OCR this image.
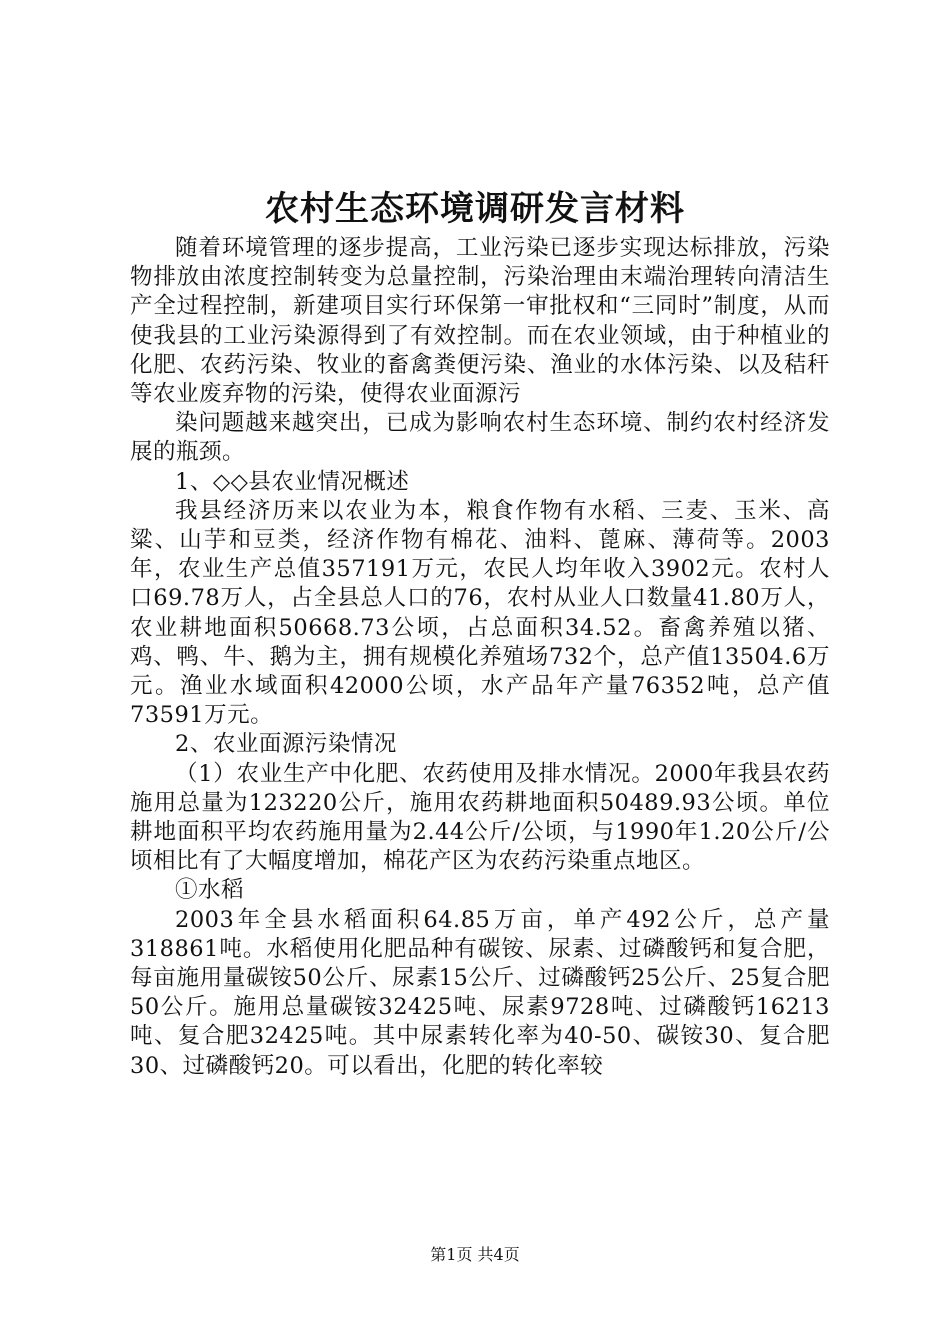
农村生态环境调研发言材料

随着环境管理的逐步提高，工业污染已逐步实现达标排放，污染物排放由浓度控制转变为总量控制，污染治理由末端治理转向清洁生产全过程控制，新建项目实行环保第一审批权和“三同时”制度，从而使我县的工业污染源得到了有效控制。而在农业领域，由于种植业的化肥、农药污染、牧业的畜禽粪便污染、渔业的水体污染、以及秸秆等农业废弃物的污染，使得农业面源污

染问题越来越突出，已成为影响农村生态环境、制约农村经济发展的瓶颈。

1、◇◇县农业情况概述

我县经济历来以农业为本，粮食作物有水稻、三麦、玉米、高粱、山芋和豆类，经济作物有棉花、油料、蓖麻、薄荷等。2003年，农业生产总值357191万元，农民人均年收入3902元。农村人口69.78万人，占全县总人口的76，农村从业人口数量41.80万人，农业耕地面积50668.73公顷，占总面积34.52。畜禽养殖以猪、鸡、鸭、牛、鹅为主，拥有规模化养殖场732个，总产值13504.6万元。渔业水域面积42000公顷，水产品年产量76352吨，总产值73591万元。

2、农业面源污染情况

（1）农业生产中化肥、农药使用及排水情况。2000年我县农药施用总量为123220公斤，施用农药耕地面积50489.93公顷。单位耕地面积平均农药施用量为2.44公斤/公顷，与1990年1.20公斤/公顷相比有了大幅度增加，棉花产区为农药污染重点地区。

①水稻

2003年全县水稻面积64.85万亩，单产492公斤，总产量318861吨。水稻使用化肥品种有碳铵、尿素、过磷酸钙和复合肥，每亩施用量碳铵50公斤、尿素15公斤、过磷酸钙25公斤、25复合肥50公斤。施用总量碳铵32425吨、尿素9728吨、过磷酸钙16213吨、复合肥32425吨。其中尿素转化率为40-50、碳铵30、复合肥30、过磷酸钙20。可以看出，化肥的转化率较

第1页 共4页
